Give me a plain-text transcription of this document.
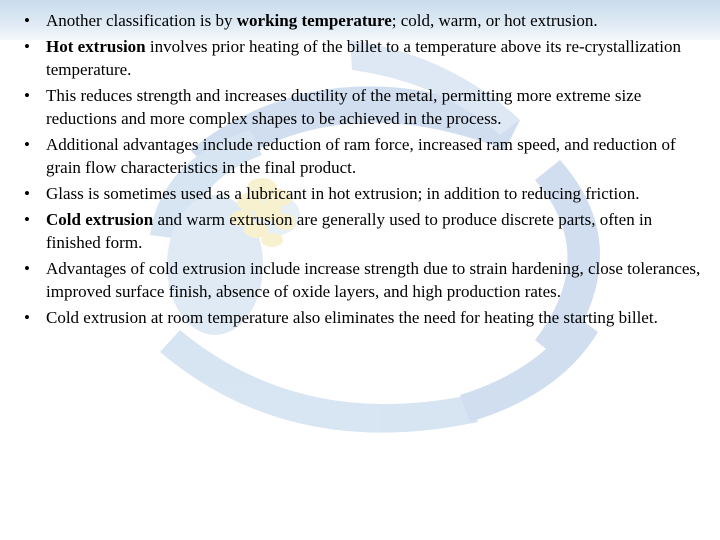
• Another classification is by working temperature; cold, warm, or hot extrusion.
• Hot extrusion involves prior heating of the billet to a temperature above its re-crystallization temperature.
• This reduces strength and increases ductility of the metal, permitting more extreme size reductions and more complex shapes to be achieved in the process.
• Additional advantages include reduction of ram force, increased ram speed, and reduction of grain flow characteristics in the final product.
• Glass is sometimes used as a lubricant in hot extrusion; in addition to reducing friction.
• Cold extrusion and warm extrusion are generally used to produce discrete parts, often in finished form.
• Advantages of cold extrusion include increase strength due to strain hardening, close tolerances, improved surface finish, absence of oxide layers, and high production rates.
• Cold extrusion at room temperature also eliminates the need for heating the starting billet.
